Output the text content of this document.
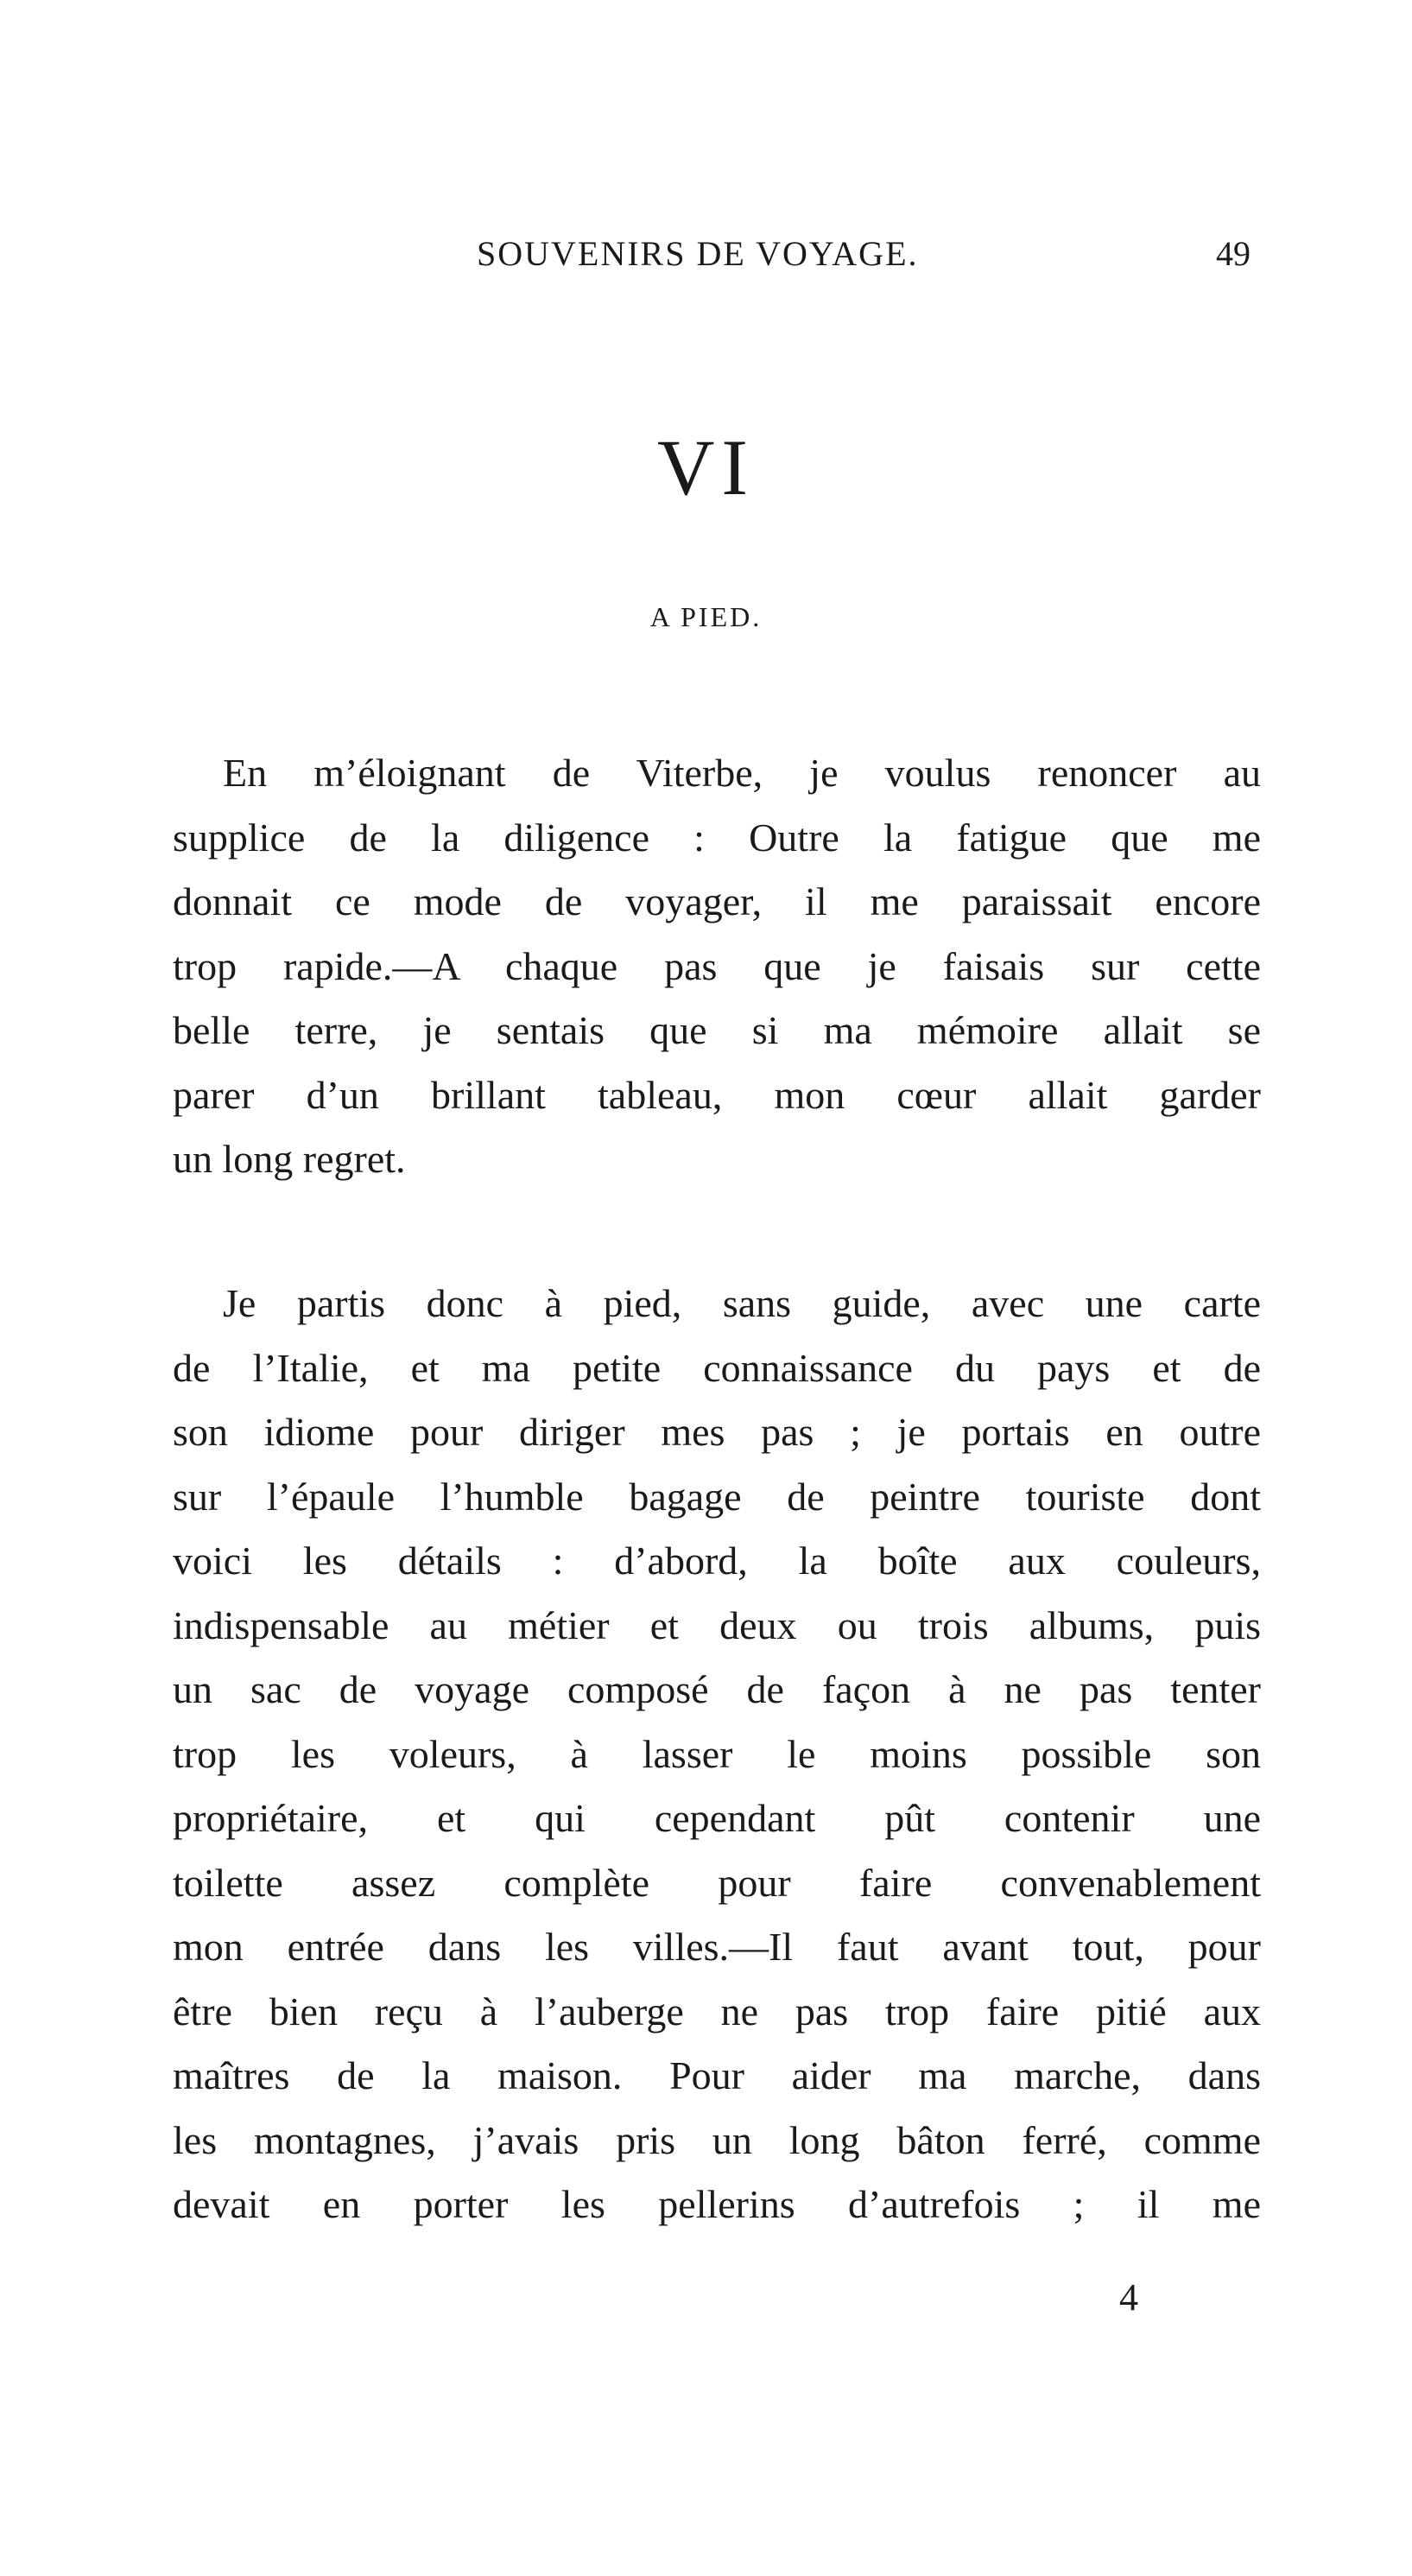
SOUVENIRS DE VOYAGE.	49
VI
A PIED.
En m’éloignant de Viterbe, je voulus renoncer au
supplice de la diligence : Outre la fatigue que me
donnait ce mode de voyager, il me paraissait encore
trop rapide.—A chaque pas que je faisais sur cette
belle terre, je sentais que si ma mémoire allait se
parer d’un brillant tableau, mon cœur allait garder
un long regret.
Je partis donc à pied, sans guide, avec une carte
de l’Italie, et ma petite connaissance du pays et de
son idiome pour diriger mes pas ; je portais en outre
sur l’épaule l’humble bagage de peintre touriste dont
voici les détails : d’abord, la boîte aux couleurs,
indispensable au métier et deux ou trois albums, puis
un sac de voyage composé de façon à ne pas tenter
trop les voleurs, à lasser le moins possible son
propriétaire, et qui cependant pût contenir une
toilette assez complète pour faire convenablement
mon entrée dans les villes.—Il faut avant tout, pour
être bien reçu à l’auberge ne pas trop faire pitié aux
maîtres de la maison. Pour aider ma marche, dans
les montagnes, j’avais pris un long bâton ferré, comme
devait en porter les pellerins d’autrefois ; il me
4
